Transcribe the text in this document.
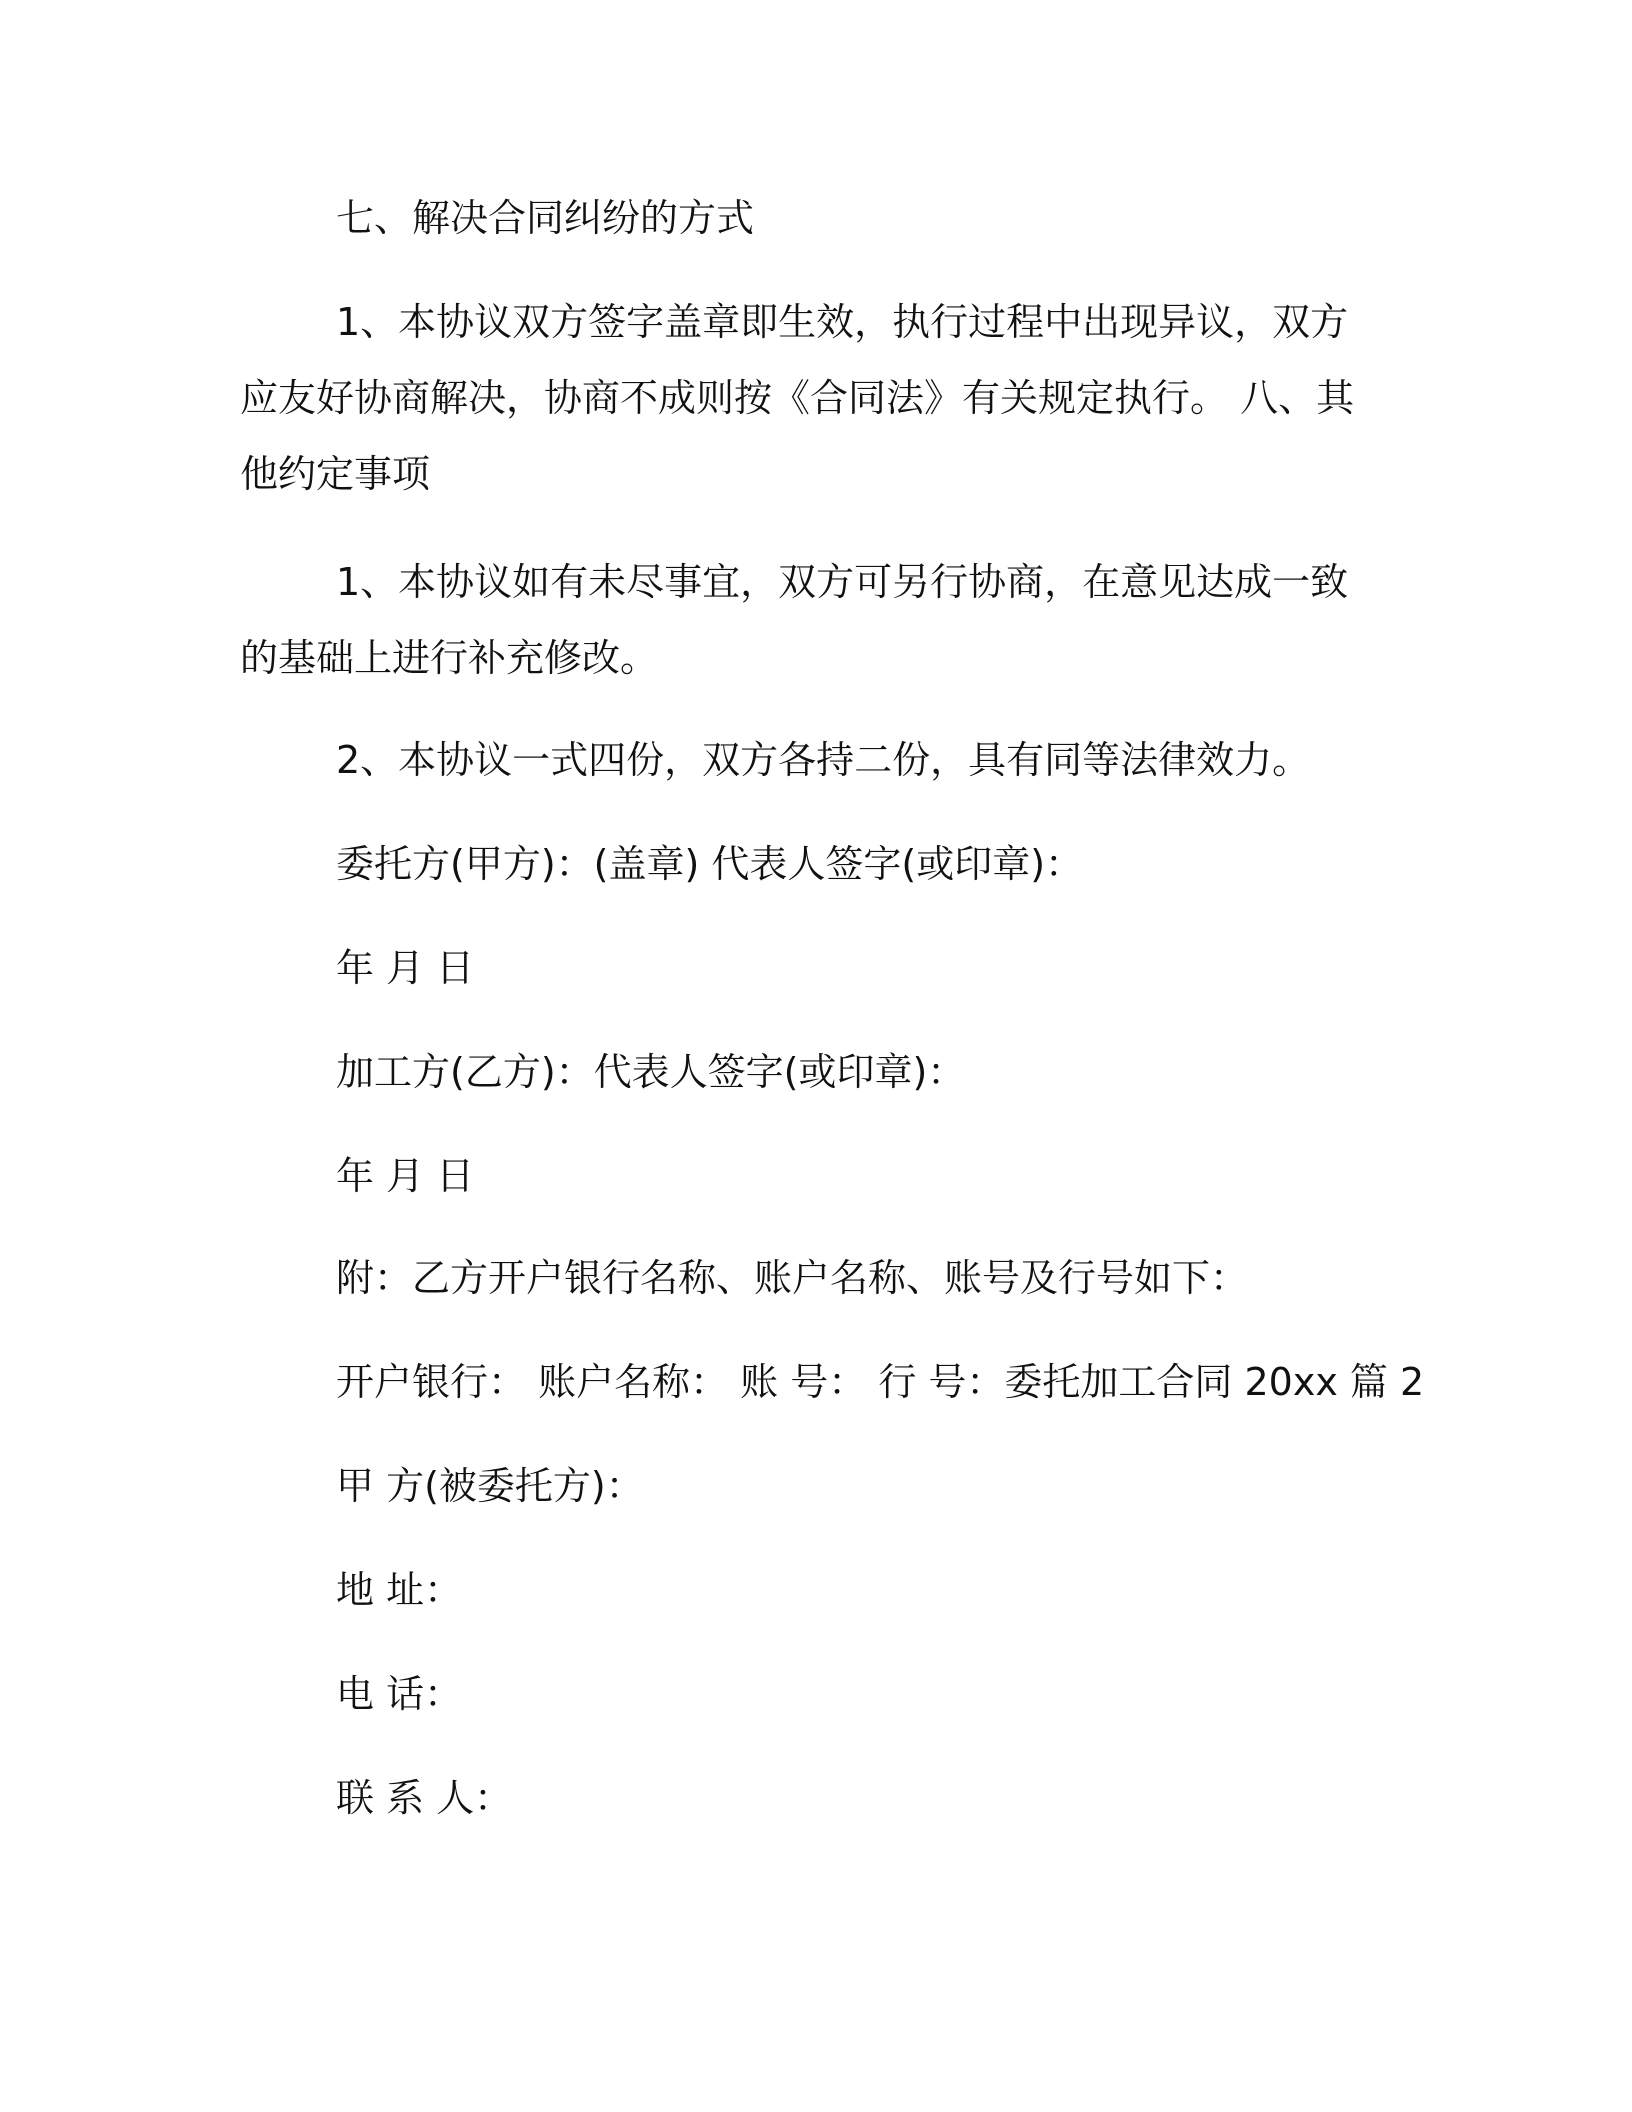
七、解决合同纠纷的方式

1、本协议双方签字盖章即生效，执行过程中出现异议，双方应友好协商解决，协商不成则按《合同法》有关规定执行。 八、其他约定事项

1、本协议如有未尽事宜，双方可另行协商，在意见达成一致的基础上进行补充修改。

2、本协议一式四份，双方各持二份，具有同等法律效力。

委托方(甲方)：(盖章) 代表人签字(或印章)：

年 月 日

加工方(乙方)：代表人签字(或印章)：

年 月 日

附：乙方开户银行名称、账户名称、账号及行号如下：

开户银行： 账户名称： 账 号： 行 号：委托加工合同 20xx 篇 2

甲 方(被委托方)：

地 址：

电 话：

联 系 人：
